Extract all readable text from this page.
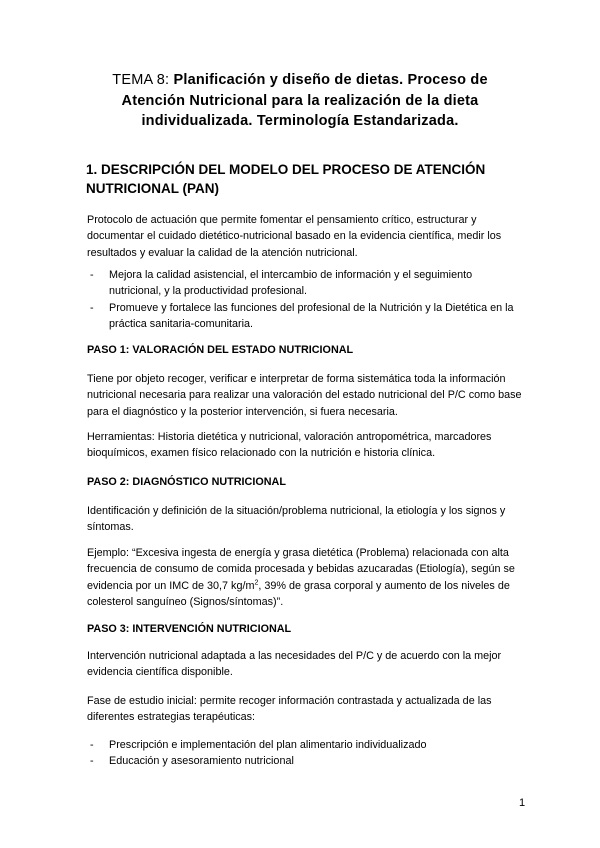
TEMA 8: Planificación y diseño de dietas. Proceso de Atención Nutricional para la realización de la dieta individualizada. Terminología Estandarizada.
1. DESCRIPCIÓN DEL MODELO DEL PROCESO DE ATENCIÓN NUTRICIONAL (PAN)
Protocolo de actuación que permite fomentar el pensamiento crítico, estructurar y documentar el cuidado dietético-nutricional basado en la evidencia científica, medir los resultados y evaluar la calidad de la atención nutricional.
- Mejora la calidad asistencial, el intercambio de información y el seguimiento nutricional, y la productividad profesional.
- Promueve y fortalece las funciones del profesional de la Nutrición y la Dietética en la práctica sanitaria-comunitaria.
PASO 1: VALORACIÓN DEL ESTADO NUTRICIONAL
Tiene por objeto recoger, verificar e interpretar de forma sistemática toda la información nutricional necesaria para realizar una valoración del estado nutricional del P/C como base para el diagnóstico y la posterior intervención, si fuera necesaria.
Herramientas: Historia dietética y nutricional, valoración antropométrica, marcadores bioquímicos, examen físico relacionado con la nutrición e historia clínica.
PASO 2: DIAGNÓSTICO NUTRICIONAL
Identificación y definición de la situación/problema nutricional, la etiología y los signos y síntomas.
Ejemplo: “Excesiva ingesta de energía y grasa dietética (Problema) relacionada con alta frecuencia de consumo de comida procesada y bebidas azucaradas (Etiología), según se evidencia por un IMC de 30,7 $kg/m^2$, 39% de grasa corporal y aumento de los niveles de colesterol sanguíneo (Signos/síntomas)”.
PASO 3: INTERVENCIÓN NUTRICIONAL
Intervención nutricional adaptada a las necesidades del P/C y de acuerdo con la mejor evidencia científica disponible.
Fase de estudio inicial: permite recoger información contrastada y actualizada de las diferentes estrategias terapéuticas:
- Prescripción e implementación del plan alimentario individualizado
- Educación y asesoramiento nutricional
1
